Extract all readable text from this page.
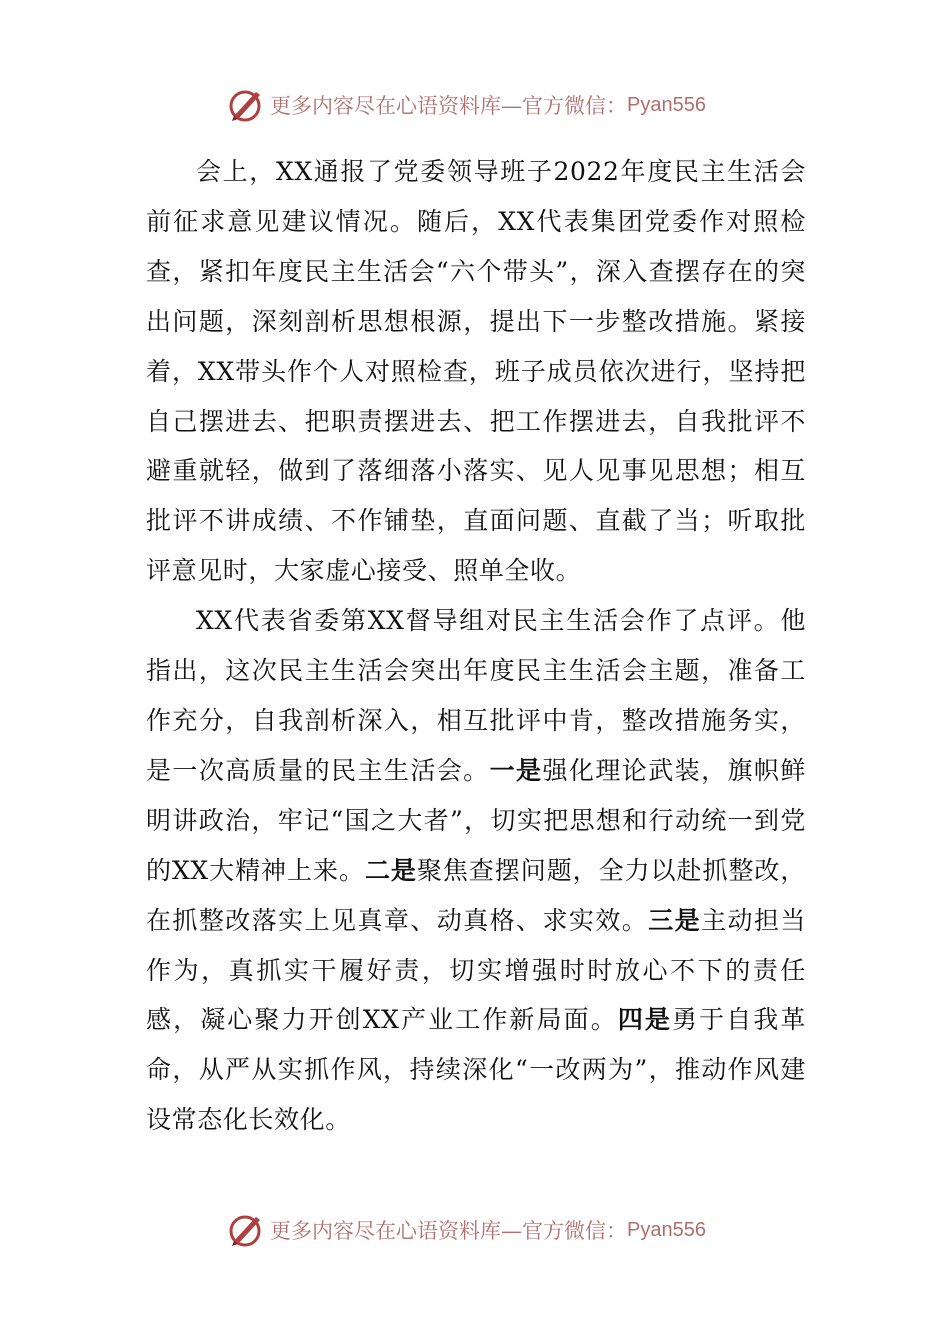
更多内容尽在心语资料库—官方微信： Pyan556

会上，XX通报了党委领导班子2022年度民主生活会前征求意见建议情况。随后，XX代表集团党委作对照检查，紧扣年度民主生活会“六个带头”，深入查摆存在的突出问题，深刻剖析思想根源，提出下一步整改措施。紧接着，XX带头作个人对照检查，班子成员依次进行，坚持把自己摆进去、把职责摆进去、把工作摆进去，自我批评不避重就轻，做到了落细落小落实、见人见事见思想；相互批评不讲成绩、不作铺垫，直面问题、直截了当；听取批评意见时，大家虚心接受、照单全收。

XX代表省委第XX督导组对民主生活会作了点评。他指出，这次民主生活会突出年度民主生活会主题，准备工作充分，自我剖析深入，相互批评中肯，整改措施务实，是一次高质量的民主生活会。一是强化理论武装，旗帜鲜明讲政治，牢记“国之大者”，切实把思想和行动统一到党的XX大精神上来。二是聚焦查摆问题，全力以赴抓整改，在抓整改落实上见真章、动真格、求实效。三是主动担当作为，真抓实干履好责，切实增强时时放心不下的责任感，凝心聚力开创XX产业工作新局面。四是勇于自我革命，从严从实抓作风，持续深化“一改两为”，推动作风建设常态化长效化。

更多内容尽在心语资料库—官方微信： Pyan556
